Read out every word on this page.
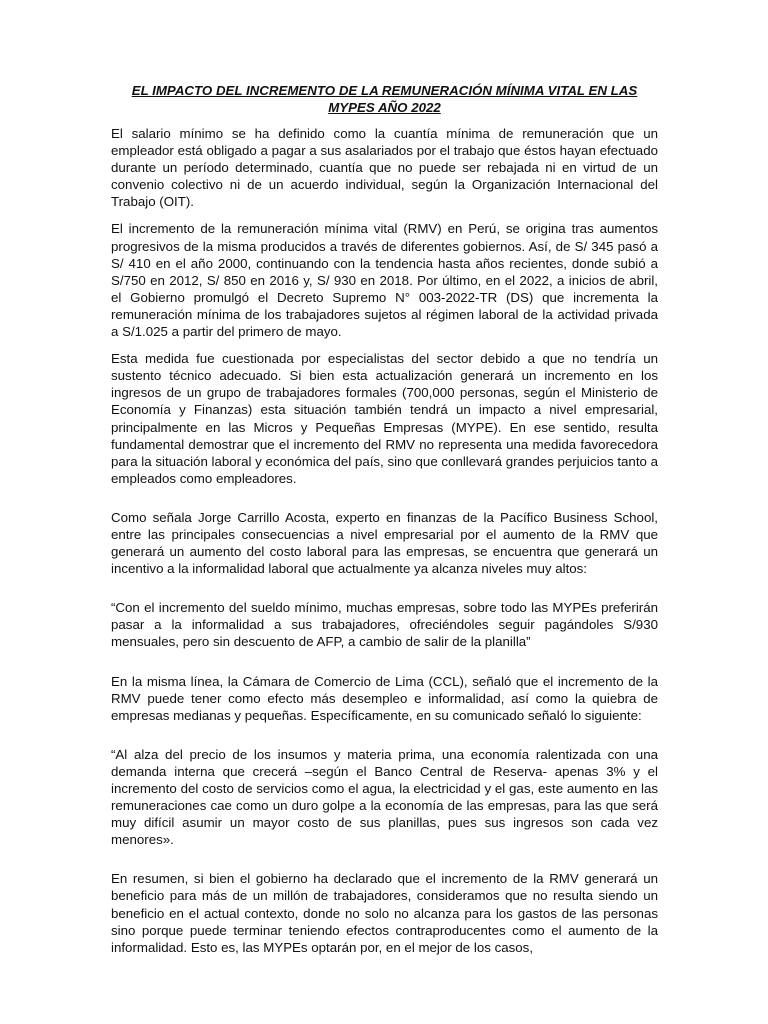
EL IMPACTO DEL INCREMENTO DE LA REMUNERACIÓN MÍNIMA VITAL EN LAS MYPES AÑO 2022

El salario mínimo se ha definido como la cuantía mínima de remuneración que un empleador está obligado a pagar a sus asalariados por el trabajo que éstos hayan efectuado durante un período determinado, cuantía que no puede ser rebajada ni en virtud de un convenio colectivo ni de un acuerdo individual, según la Organización Internacional del Trabajo (OIT).

El incremento de la remuneración mínima vital (RMV) en Perú, se origina tras aumentos progresivos de la misma producidos a través de diferentes gobiernos. Así, de S/ 345 pasó a S/ 410 en el año 2000, continuando con la tendencia hasta años recientes, donde subió a S/750 en 2012, S/ 850 en 2016 y, S/ 930 en 2018. Por último, en el 2022, a inicios de abril, el Gobierno promulgó el Decreto Supremo N° 003-2022-TR (DS) que incrementa la remuneración mínima de los trabajadores sujetos al régimen laboral de la actividad privada a S/1.025 a partir del primero de mayo.

Esta medida fue cuestionada por especialistas del sector debido a que no tendría un sustento técnico adecuado. Si bien esta actualización generará un incremento en los ingresos de un grupo de trabajadores formales (700,000 personas, según el Ministerio de Economía y Finanzas) esta situación también tendrá un impacto a nivel empresarial, principalmente en las Micros y Pequeñas Empresas (MYPE). En ese sentido, resulta fundamental demostrar que el incremento del RMV no representa una medida favorecedora para la situación laboral y económica del país, sino que conllevará grandes perjuicios tanto a empleados como empleadores.

Como señala Jorge Carrillo Acosta, experto en finanzas de la Pacífico Business School, entre las principales consecuencias a nivel empresarial por el aumento de la RMV que generará un aumento del costo laboral para las empresas, se encuentra que generará un incentivo a la informalidad laboral que actualmente ya alcanza niveles muy altos:

“Con el incremento del sueldo mínimo, muchas empresas, sobre todo las MYPEs preferirán pasar a la informalidad a sus trabajadores, ofreciéndoles seguir pagándoles S/930 mensuales, pero sin descuento de AFP, a cambio de salir de la planilla”

En la misma línea, la Cámara de Comercio de Lima (CCL), señaló que el incremento de la RMV puede tener como efecto más desempleo e informalidad, así como la quiebra de empresas medianas y pequeñas. Específicamente, en su comunicado señaló lo siguiente:

“Al alza del precio de los insumos y materia prima, una economía ralentizada con una demanda interna que crecerá –según el Banco Central de Reserva- apenas 3% y el incremento del costo de servicios como el agua, la electricidad y el gas, este aumento en las remuneraciones cae como un duro golpe a la economía de las empresas, para las que será muy difícil asumir un mayor costo de sus planillas, pues sus ingresos son cada vez menores».

En resumen, si bien el gobierno ha declarado que el incremento de la RMV generará un beneficio para más de un millón de trabajadores, consideramos que no resulta siendo un beneficio en el actual contexto, donde no solo no alcanza para los gastos de las personas sino porque puede terminar teniendo efectos contraproducentes como el aumento de la informalidad. Esto es, las MYPEs optarán por, en el mejor de los casos,
